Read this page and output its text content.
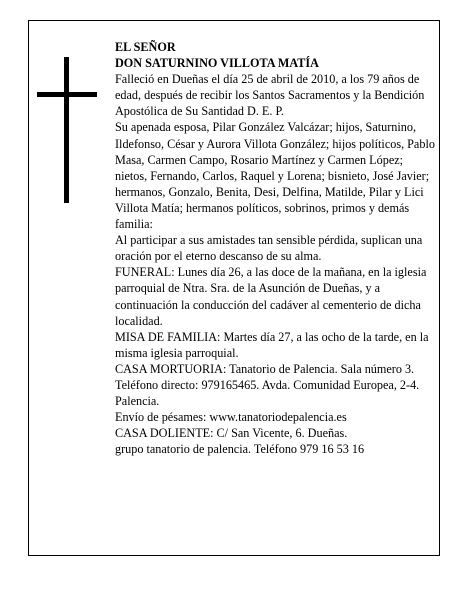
EL SEÑOR

DON SATURNINO VILLOTA MATÍA

Falleció en Dueñas el día 25 de abril de 2010, a los 79 años de edad, después de recibir los Santos Sacramentos y la Bendición Apostólica de Su Santidad D. E. P.

Su apenada esposa, Pilar González Valcázar; hijos, Saturnino, Ildefonso, César y Aurora Villota González; hijos políticos, Pablo Masa, Carmen Campo, Rosario Martínez y Carmen López; nietos, Fernando, Carlos, Raquel y Lorena; bisnieto, José Javier; hermanos, Gonzalo, Benita, Desi, Delfina, Matilde, Pilar y Lici Villota Matía; hermanos políticos, sobrinos, primos y demás familia:

Al participar a sus amistades tan sensible pérdida, suplican una oración por el eterno descanso de su alma.

FUNERAL: Lunes día 26, a las doce de la mañana, en la iglesia parroquial de Ntra. Sra. de la Asunción de Dueñas, y a continuación la conducción del cadáver al cementerio de dicha localidad.

MISA DE FAMILIA: Martes día 27, a las ocho de la tarde, en la misma iglesia parroquial.

CASA MORTUORIA: Tanatorio de Palencia. Sala número 3. Teléfono directo: 979165465. Avda. Comunidad Europea, 2-4. Palencia.

Envío de pésames: www.tanatoriodepalencia.es

CASA DOLIENTE: C/ San Vicente, 6. Dueñas.

grupo tanatorio de palencia. Teléfono 979 16 53 16
